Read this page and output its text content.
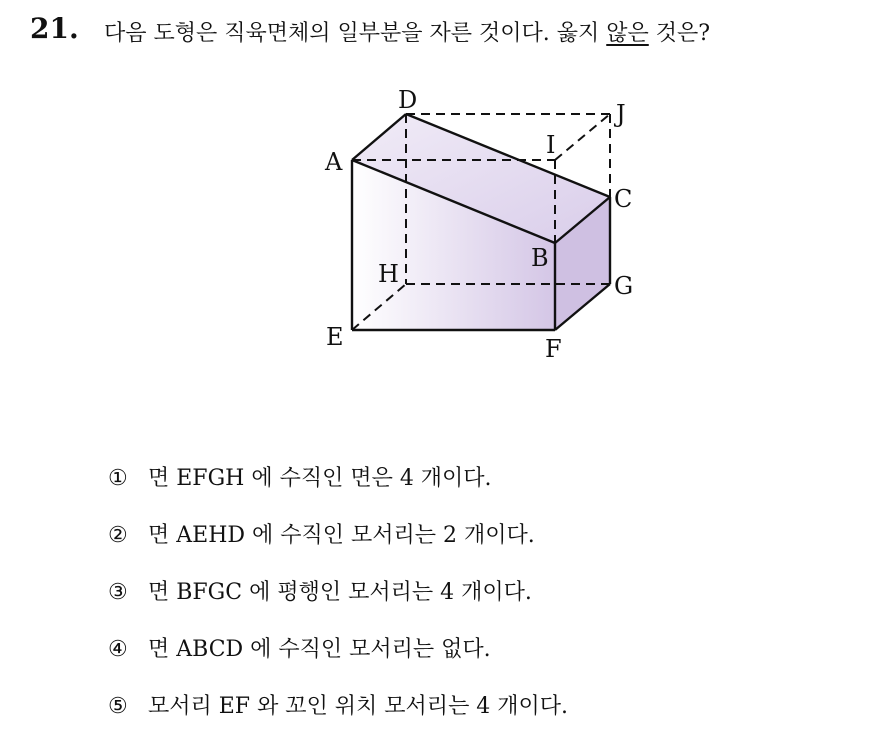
21. 다음 도형은 직육면체의 일부분을 자른 것이다. 옳지 않은 것은?
D	J
A
I
C
B
H	G
E	F
① 면 EFGH 에 수직인 면은 4 개이다.
② 면 AEHD 에 수직인 모서리는 2 개이다.
③ 면 BFGC 에 평행인 모서리는 4 개이다.
④ 면 ABCD 에 수직인 모서리는 없다.
⑤ 모서리 EF 와 꼬인 위치 모서리는 4 개이다.
